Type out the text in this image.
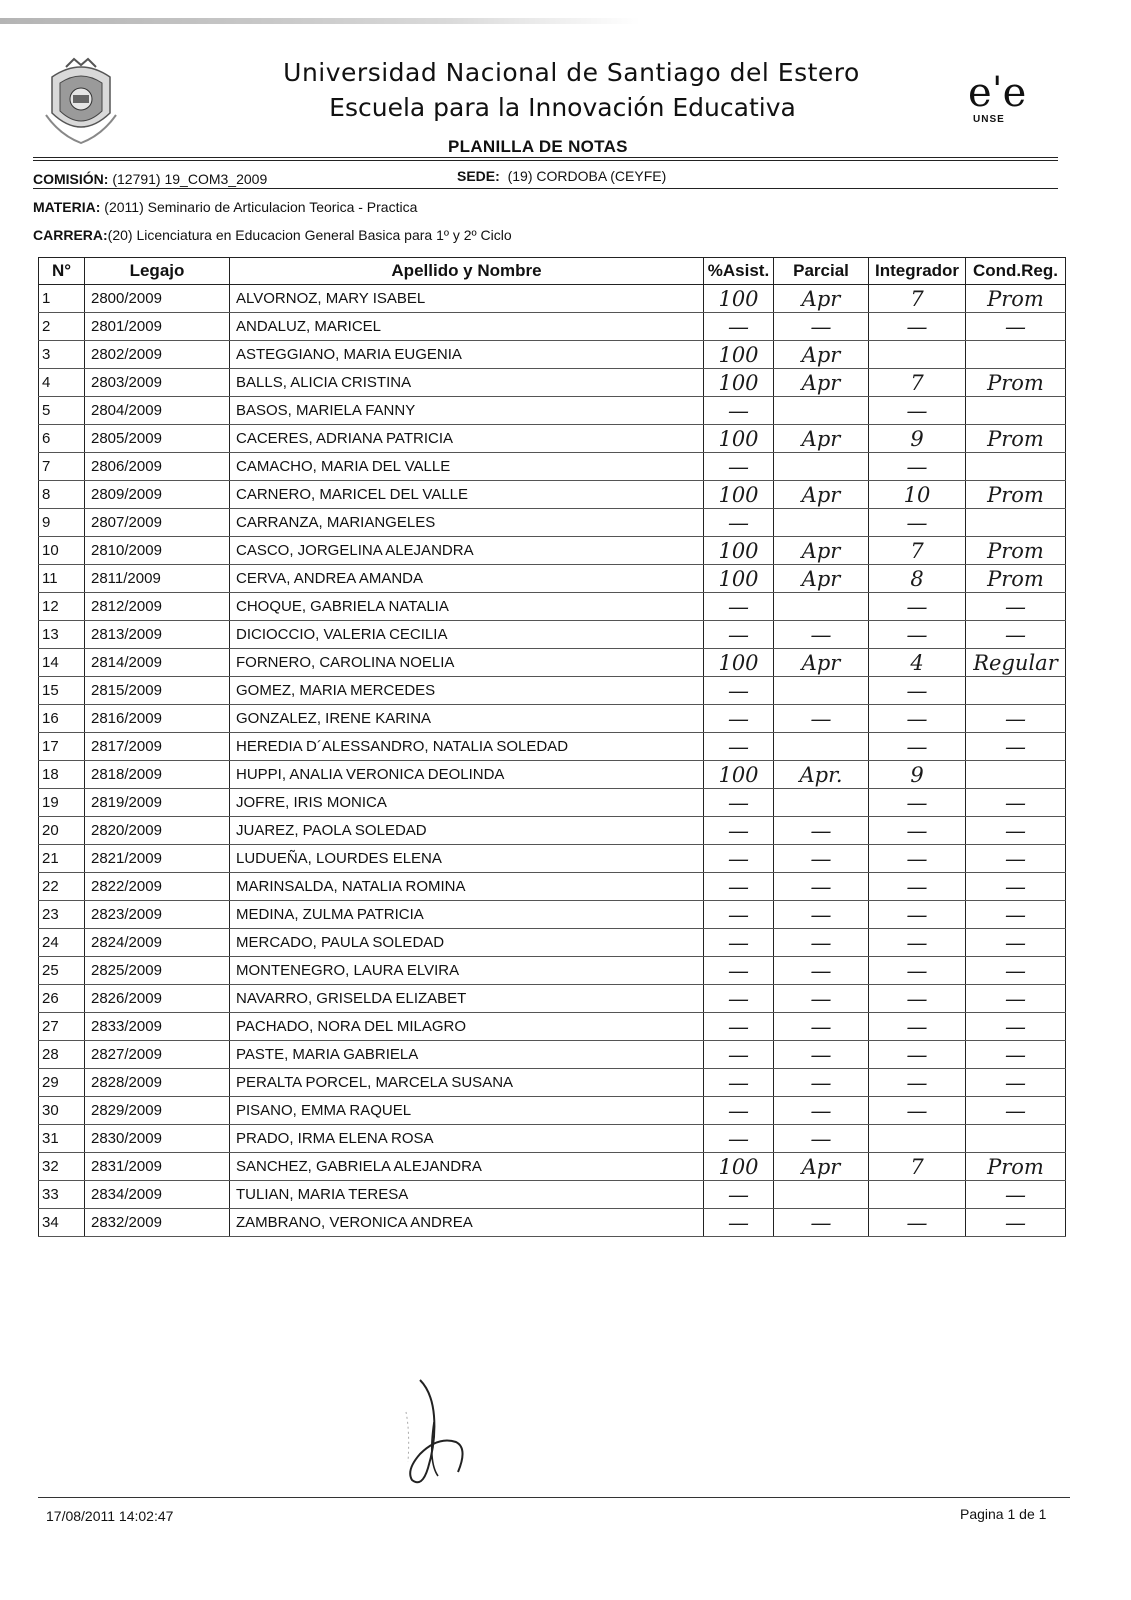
Universidad Nacional de Santiago del Estero
Escuela para la Innovación Educativa	eˈe
UNSE
PLANILLA DE NOTAS
COMISIÓN: (12791) 19_COM3_2009	SEDE: (19) CORDOBA (CEYFE)
MATERIA: (2011) Seminario de Articulacion Teorica - Practica
CARRERA:(20) Licenciatura en Educacion General Basica para 1º y 2º Ciclo
N°	Legajo	Apellido y Nombre	%Asist.	Parcial	Integrador	Cond.Reg.
1	2800/2009	ALVORNOZ, MARY ISABEL	100	Apr	7	Prom
2	2801/2009	ANDALUZ, MARICEL	—	—	—	—
3	2802/2009	ASTEGGIANO, MARIA EUGENIA	100	Apr		
4	2803/2009	BALLS, ALICIA CRISTINA	100	Apr	7	Prom
5	2804/2009	BASOS, MARIELA FANNY	—		—	
6	2805/2009	CACERES, ADRIANA PATRICIA	100	Apr	9	Prom
7	2806/2009	CAMACHO, MARIA DEL VALLE	—		—	
8	2809/2009	CARNERO, MARICEL DEL VALLE	100	Apr	10	Prom
9	2807/2009	CARRANZA, MARIANGELES	—		—	
10	2810/2009	CASCO, JORGELINA ALEJANDRA	100	Apr	7	Prom
11	2811/2009	CERVA, ANDREA AMANDA	100	Apr	8	Prom
12	2812/2009	CHOQUE, GABRIELA NATALIA	—		—	—
13	2813/2009	DICIOCCIO, VALERIA CECILIA	—	—	—	—
14	2814/2009	FORNERO, CAROLINA NOELIA	100	Apr	4	Regular
15	2815/2009	GOMEZ, MARIA MERCEDES	—		—	
16	2816/2009	GONZALEZ, IRENE KARINA	—	—	—	—
17	2817/2009	HEREDIA D´ALESSANDRO, NATALIA SOLEDAD	—		—	—
18	2818/2009	HUPPI, ANALIA VERONICA DEOLINDA	100	Apr.	9	
19	2819/2009	JOFRE, IRIS MONICA	—		—	—
20	2820/2009	JUAREZ, PAOLA SOLEDAD	—	—	—	—
21	2821/2009	LUDUEÑA, LOURDES ELENA	—	—	—	—
22	2822/2009	MARINSALDA, NATALIA ROMINA	—	—	—	—
23	2823/2009	MEDINA, ZULMA PATRICIA	—	—	—	—
24	2824/2009	MERCADO, PAULA SOLEDAD	—	—	—	—
25	2825/2009	MONTENEGRO, LAURA ELVIRA	—	—	—	—
26	2826/2009	NAVARRO, GRISELDA ELIZABET	—	—	—	—
27	2833/2009	PACHADO, NORA DEL MILAGRO	—	—	—	—
28	2827/2009	PASTE, MARIA GABRIELA	—	—	—	—
29	2828/2009	PERALTA PORCEL, MARCELA SUSANA	—	—	—	—
30	2829/2009	PISANO, EMMA RAQUEL	—	—	—	—
31	2830/2009	PRADO, IRMA ELENA ROSA	—	—		
32	2831/2009	SANCHEZ, GABRIELA ALEJANDRA	100	Apr	7	Prom
33	2834/2009	TULIAN, MARIA TERESA	—			—
34	2832/2009	ZAMBRANO, VERONICA ANDREA	—	—	—	—
17/08/2011 14:02:47	Pagina 1 de 1
